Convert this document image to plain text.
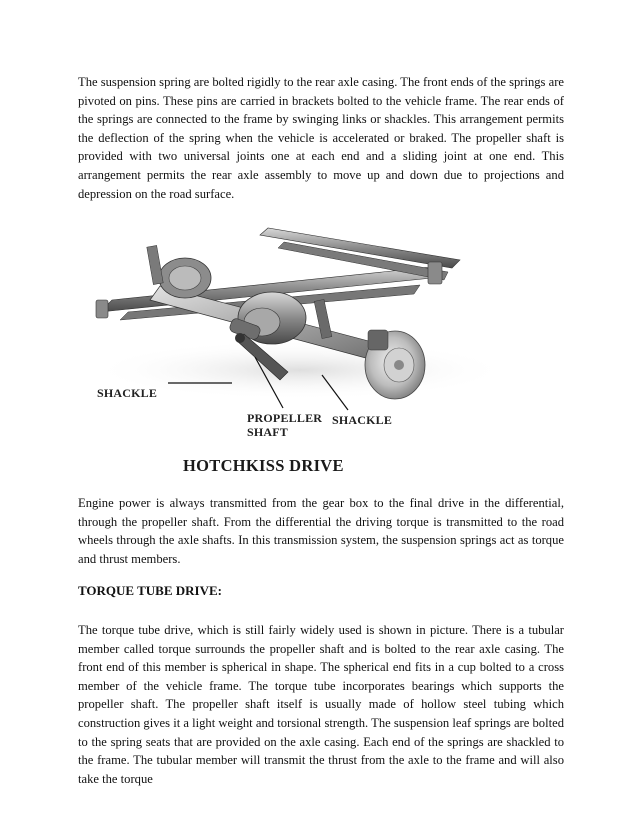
The suspension spring are bolted rigidly to the rear axle casing. The front ends of the springs are pivoted on pins. These pins are carried in brackets bolted to the vehicle frame. The rear ends of the springs are connected to the frame by swinging links or shackles. This arrangement permits the deflection of the spring when the vehicle is accelerated or braked. The propeller shaft is provided with two universal joints one at each end and a sliding joint at one end. This arrangement permits the rear axle assembly to move up and down due to projections and depression on the road surface.

SHACKLE
PROPELLER
SHAFT
SHACKLE
HOTCHKISS DRIVE

Engine power is always transmitted from the gear box to the final drive in the differential, through the propeller shaft. From the differential the driving torque is transmitted to the road wheels through the axle shafts. In this transmission system, the suspension springs act as torque and thrust members.

TORQUE TUBE DRIVE:

The torque tube drive, which is still fairly widely used is shown in picture. There is a tubular member called torque surrounds the propeller shaft and is bolted to the rear axle casing. The front end of this member is spherical in shape. The spherical end fits in a cup bolted to a cross member of the vehicle frame. The torque tube incorporates bearings which supports the propeller shaft. The propeller shaft itself is usually made of hollow steel tubing which construction gives it a light weight and torsional strength. The suspension leaf springs are bolted to the spring seats that are provided on the axle casing. Each end of the springs are shackled to the frame. The tubular member will transmit the thrust from the axle to the frame and will also take the torque
